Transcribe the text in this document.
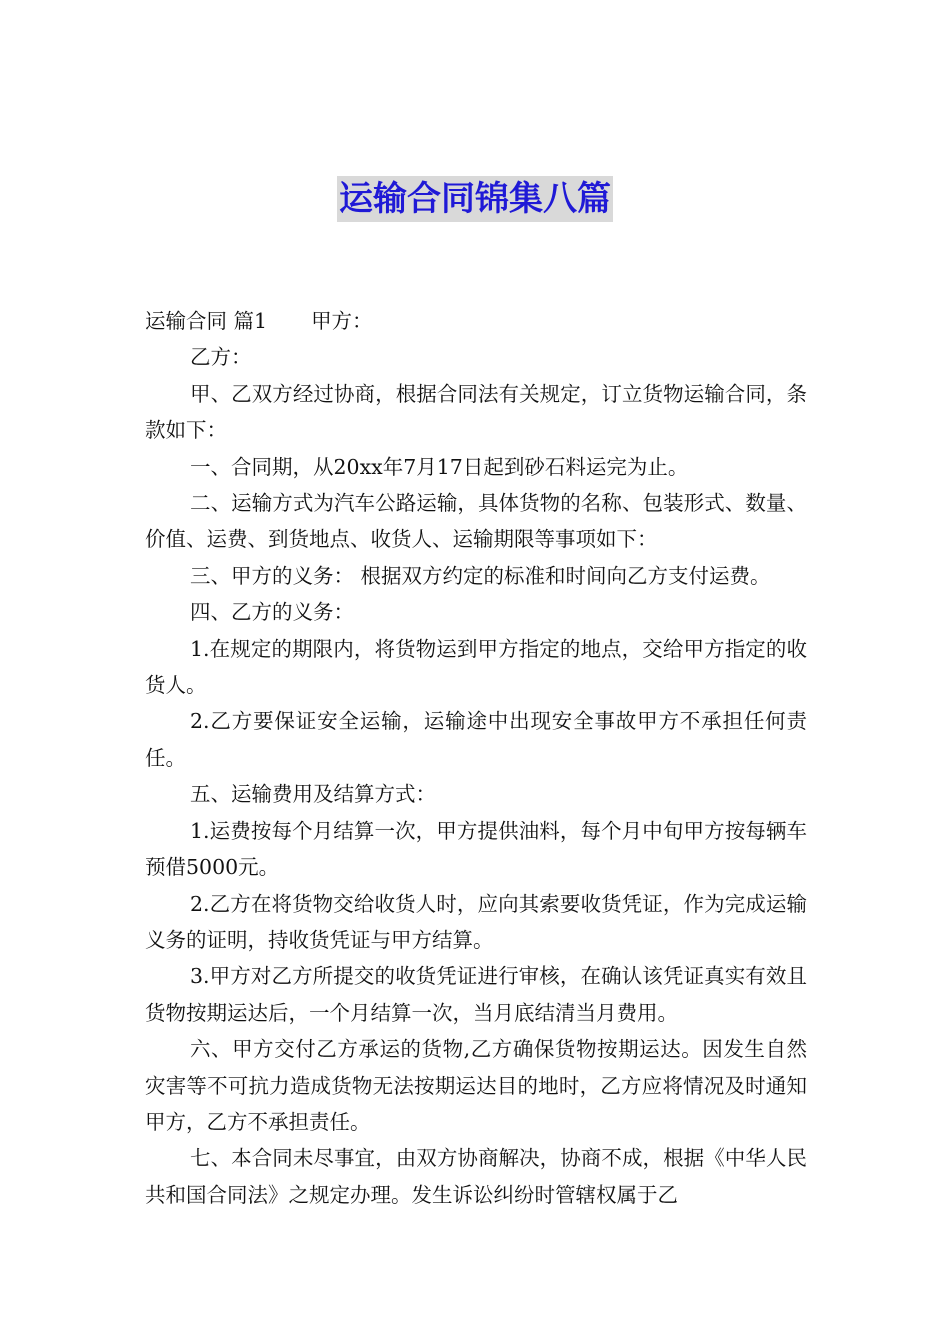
运输合同锦集八篇

运输合同 篇1 甲方：

乙方：

甲、乙双方经过协商，根据合同法有关规定，订立货物运输合同，条款如下：

一、合同期，从20xx年7月17日起到砂石料运完为止。

二、运输方式为汽车公路运输，具体货物的名称、包装形式、数量、价值、运费、到货地点、收货人、运输期限等事项如下：

三、甲方的义务： 根据双方约定的标准和时间向乙方支付运费。

四、乙方的义务：

1.在规定的期限内，将货物运到甲方指定的地点，交给甲方指定的收货人。

2.乙方要保证安全运输，运输途中出现安全事故甲方不承担任何责任。

五、运输费用及结算方式：

1.运费按每个月结算一次，甲方提供油料，每个月中旬甲方按每辆车预借5000元。

2.乙方在将货物交给收货人时，应向其索要收货凭证，作为完成运输义务的证明，持收货凭证与甲方结算。

3.甲方对乙方所提交的收货凭证进行审核，在确认该凭证真实有效且货物按期运达后，一个月结算一次，当月底结清当月费用。

六、甲方交付乙方承运的货物,乙方确保货物按期运达。因发生自然灾害等不可抗力造成货物无法按期运达目的地时，乙方应将情况及时通知甲方，乙方不承担责任。

七、本合同未尽事宜，由双方协商解决，协商不成，根据《中华人民共和国合同法》之规定办理。发生诉讼纠纷时管辖权属于乙
